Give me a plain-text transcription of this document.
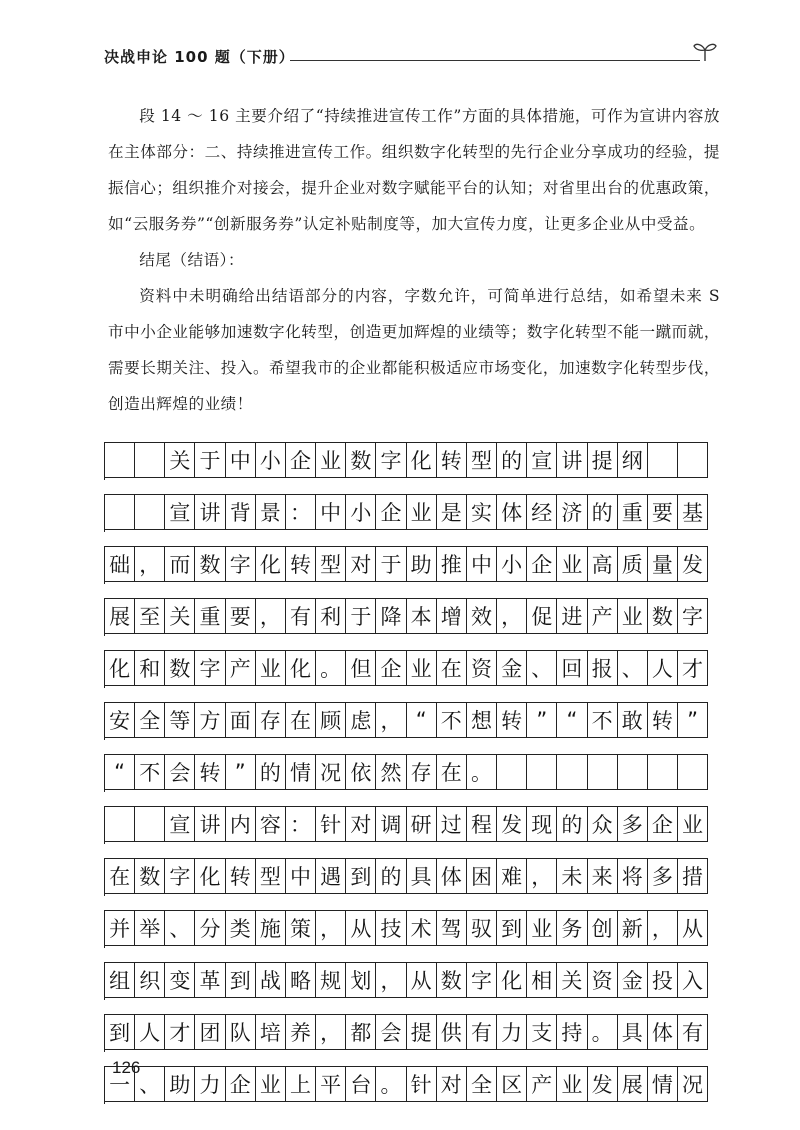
决战申论 100 题（下册）

段 14 ～ 16 主要介绍了“持续推进宣传工作”方面的具体措施，可作为宣讲内容放在主体部分：二、持续推进宣传工作。组织数字化转型的先行企业分享成功的经验，提振信心；组织推介对接会，提升企业对数字赋能平台的认知；对省里出台的优惠政策，如“云服务券”“创新服务券”认定补贴制度等，加大宣传力度，让更多企业从中受益。

结尾（结语）：

资料中未明确给出结语部分的内容，字数允许，可简单进行总结，如希望未来 S 市中小企业能够加速数字化转型，创造更加辉煌的业绩等；数字化转型不能一蹴而就，需要长期关注、投入。希望我市的企业都能积极适应市场变化，加速数字化转型步伐，创造出辉煌的业绩！

关 于 中 小 企 业 数 字 化 转 型 的 宣 讲 提 纲
宣 讲 背 景 ： 中 小 企 业 是 实 体 经 济 的 重 要 基
础 ， 而 数 字 化 转 型 对 于 助 推 中 小 企 业 高 质 量 发
展 至 关 重 要 ， 有 利 于 降 本 增 效 ， 促 进 产 业 数 字
化 和 数 字 产 业 化 。 但 企 业 在 资 金 、 回 报 、 人 才
安 全 等 方 面 存 在 顾 虑 ， “ 不 想 转 ” “ 不 敢 转 ”
“ 不 会 转 ” 的 情 况 依 然 存 在 。
宣 讲 内 容 ： 针 对 调 研 过 程 发 现 的 众 多 企 业
在 数 字 化 转 型 中 遇 到 的 具 体 困 难 ， 未 来 将 多 措
并 举 、 分 类 施 策 ， 从 技 术 驾 驭 到 业 务 创 新 ， 从
组 织 变 革 到 战 略 规 划 ， 从 数 字 化 相 关 资 金 投 入
到 人 才 团 队 培 养 ， 都 会 提 供 有 力 支 持 。 具 体 有
一 、 助 力 企 业 上 平 台 。 针 对 全 区 产 业 发 展 情 况
126
